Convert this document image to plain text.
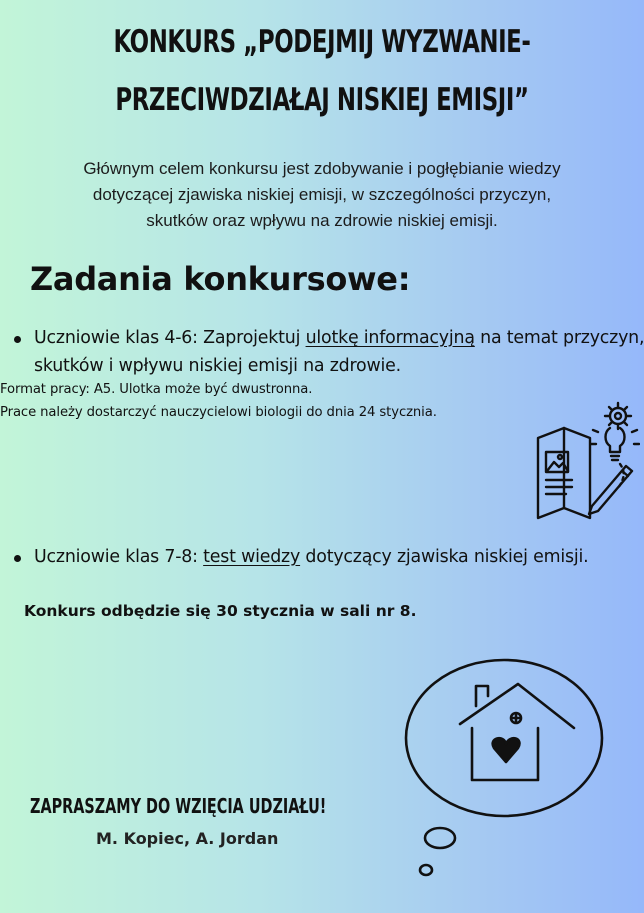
KONKURS „PODEJMIJ WYZWANIE-
PRZECIWDZIAŁAJ NISKIEJ EMISJI”
Głównym celem konkursu jest zdobywanie i pogłębianie wiedzy
dotyczącej zjawiska niskiej emisji, w szczególności przyczyn,
skutków oraz wpływu na zdrowie niskiej emisji.
Zadania konkursowe:
Uczniowie klas 4-6: Zaprojektuj ulotkę informacyjną na temat przyczyn, skutków i wpływu niskiej emisji na zdrowie.
Format pracy: A5. Ulotka może być dwustronna.
Prace należy dostarczyć nauczycielowi biologii do dnia 24 stycznia.
Uczniowie klas 7-8: test wiedzy dotyczący zjawiska niskiej emisji.
Konkurs odbędzie się 30 stycznia w sali nr 8.
ZAPRASZAMY DO WZIĘCIA UDZIAŁU!
M. Kopiec, A. Jordan
